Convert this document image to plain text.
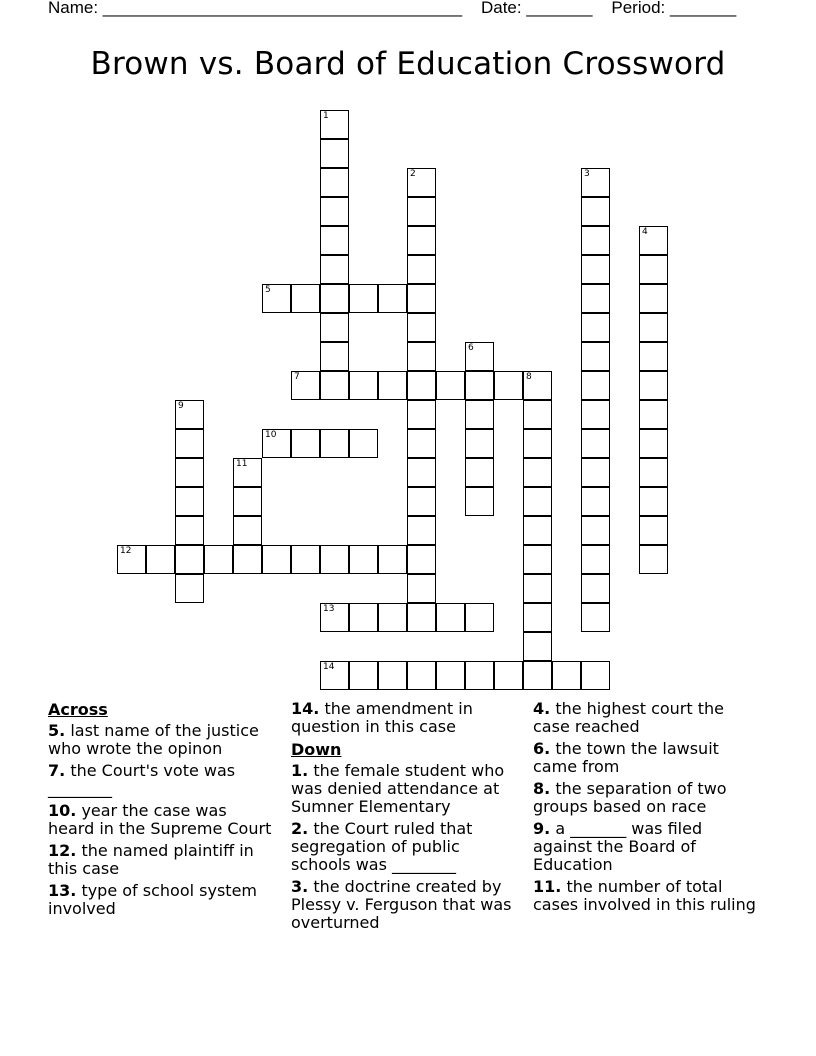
Name: ______________________________________    Date: _______    Period: _______
Brown vs. Board of Education Crossword
1
2	3
4
5
6
7	8
9
10
11
12
13
14
Across
5. last name of the justice who wrote the opinon
7. the Court's vote was ________
10. year the case was heard in the Supreme Court
12. the named plaintiff in this case
13. type of school system involved
14. the amendment in question in this case
Down
1. the female student who was denied attendance at Sumner Elementary
2. the Court ruled that segregation of public schools was ________
3. the doctrine created by Plessy v. Ferguson that was overturned
4. the highest court the case reached
6. the town the lawsuit came from
8. the separation of two groups based on race
9. a _______ was filed against the Board of Education
11. the number of total cases involved in this ruling
